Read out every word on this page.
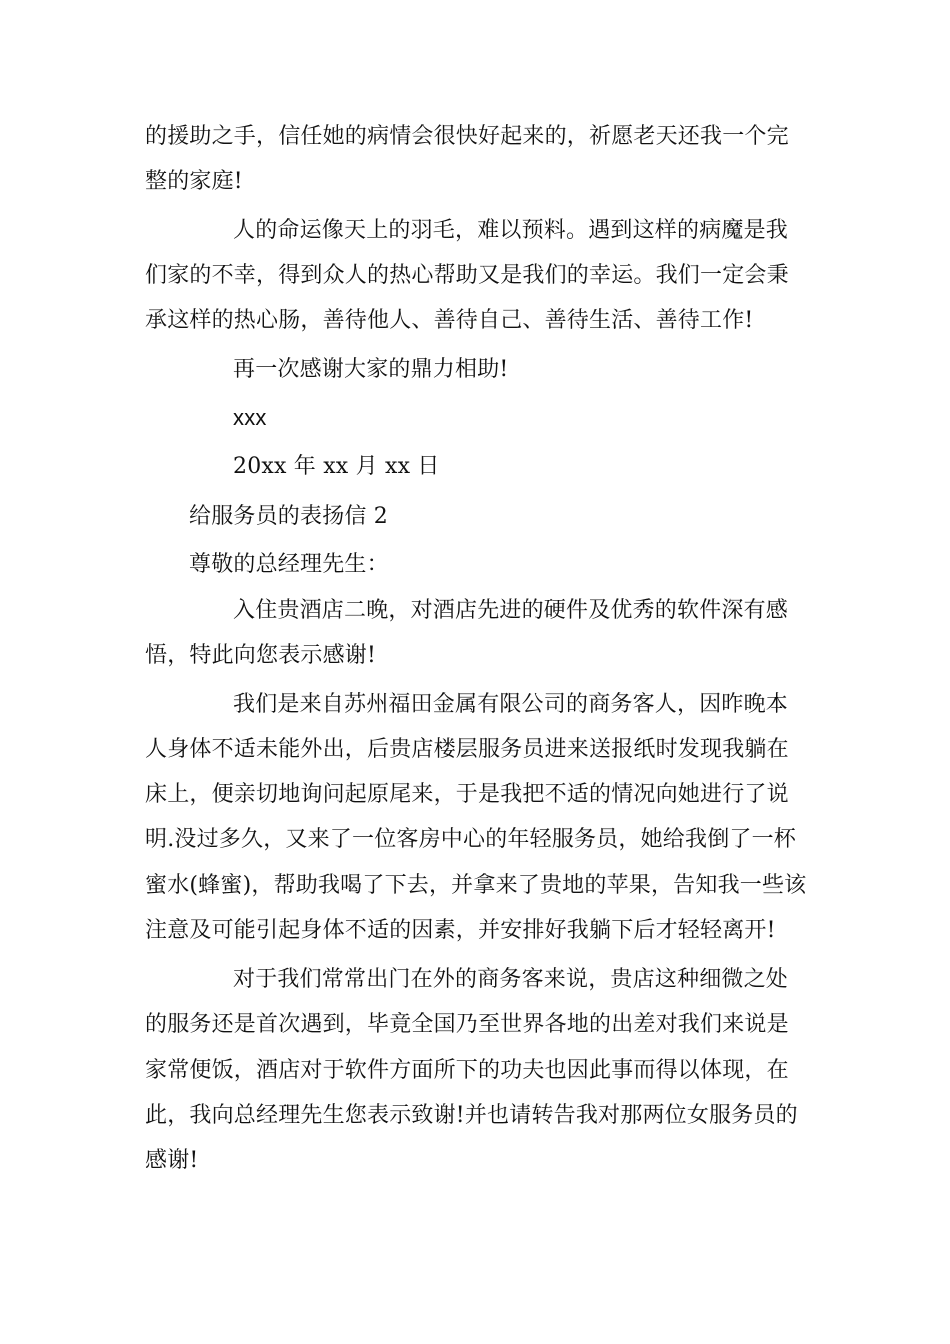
的援助之手，信任她的病情会很快好起来的，祈愿老天还我一个完
整的家庭!
人的命运像天上的羽毛，难以预料。遇到这样的病魔是我
们家的不幸，得到众人的热心帮助又是我们的幸运。我们一定会秉
承这样的热心肠，善待他人、善待自己、善待生活、善待工作!
再一次感谢大家的鼎力相助!
xxx
20xx 年 xx 月 xx 日
给服务员的表扬信 2
尊敬的总经理先生：
入住贵酒店二晚，对酒店先进的硬件及优秀的软件深有感
悟，特此向您表示感谢!
我们是来自苏州福田金属有限公司的商务客人，因昨晚本
人身体不适未能外出，后贵店楼层服务员进来送报纸时发现我躺在
床上，便亲切地询问起原尾来，于是我把不适的情况向她进行了说
明.没过多久，又来了一位客房中心的年轻服务员，她给我倒了一杯
蜜水(蜂蜜)，帮助我喝了下去，并拿来了贵地的苹果，告知我一些该
注意及可能引起身体不适的因素，并安排好我躺下后才轻轻离开!
对于我们常常出门在外的商务客来说，贵店这种细微之处
的服务还是首次遇到，毕竟全国乃至世界各地的出差对我们来说是
家常便饭，酒店对于软件方面所下的功夫也因此事而得以体现，在
此，我向总经理先生您表示致谢!并也请转告我对那两位女服务员的
感谢!
